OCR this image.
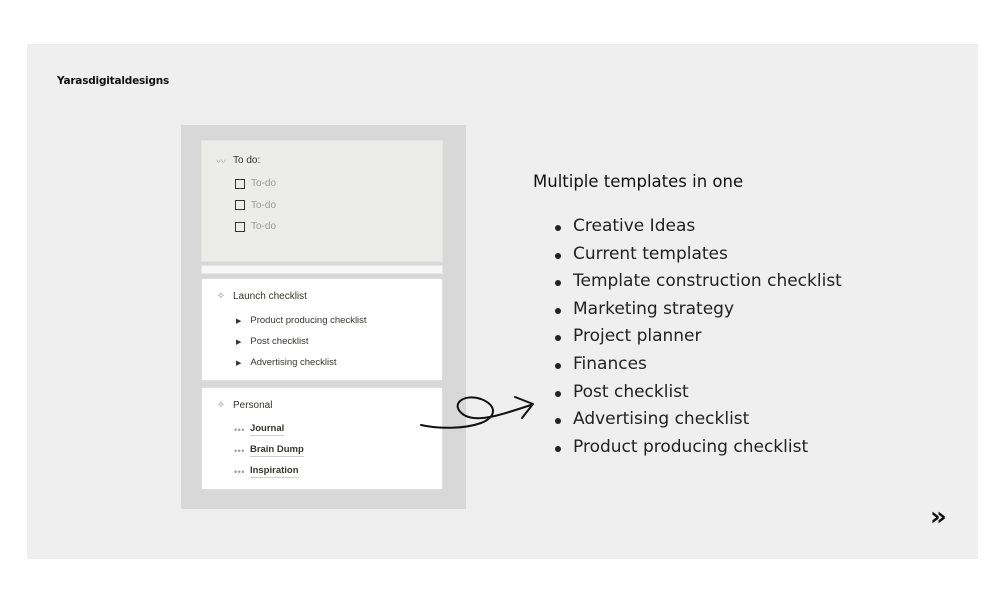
Yarasdigitaldesigns
〰 To do:
To-do
To-do
To-do
✧ Launch checklist
▶ Product producing checklist
▶ Post checklist
▶ Advertising checklist
✧ Personal
••• Journal
••• Brain Dump
••• Inspiration
Multiple templates in one
Creative Ideas
Current templates
Template construction checklist
Marketing strategy
Project planner
Finances
Post checklist
Advertising checklist
Product producing checklist
»
